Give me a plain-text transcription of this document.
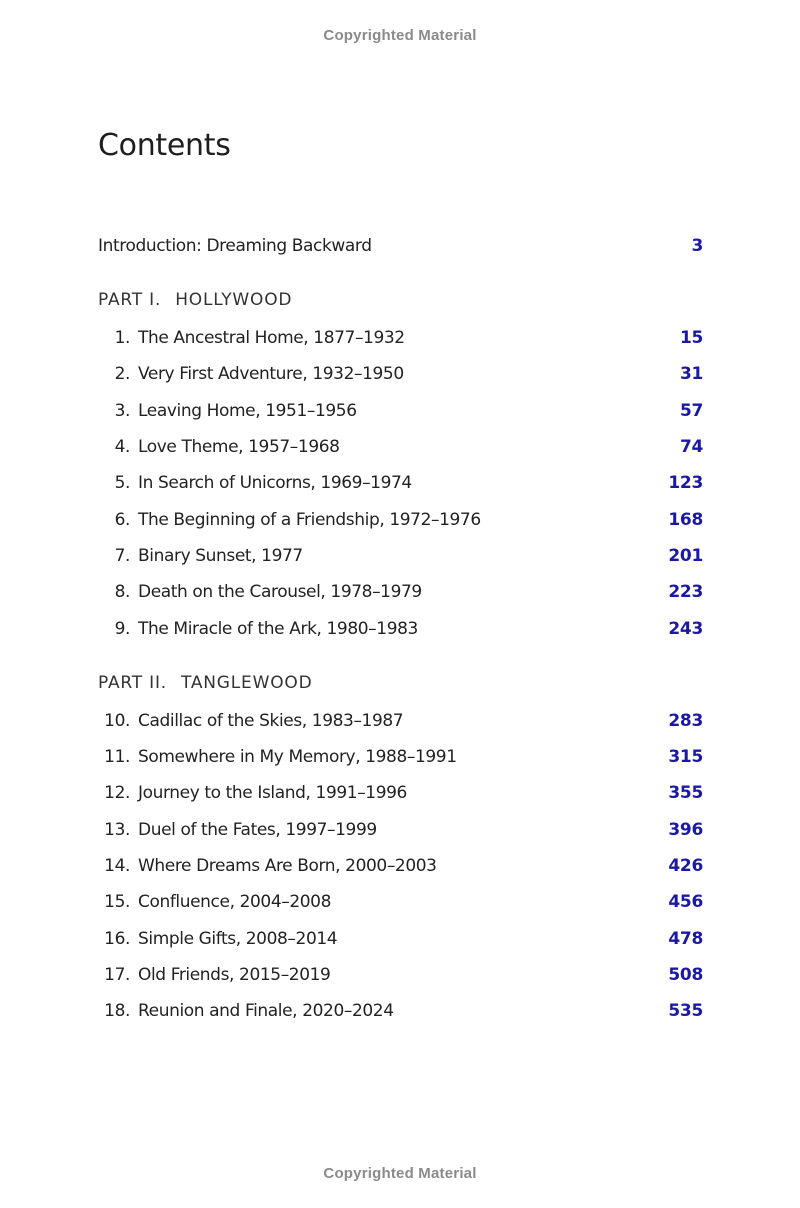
Copyrighted Material
Contents
Introduction: Dreaming Backward	3
PART I. HOLLYWOOD
1. The Ancestral Home, 1877–1932	15
2. Very First Adventure, 1932–1950	31
3. Leaving Home, 1951–1956	57
4. Love Theme, 1957–1968	74
5. In Search of Unicorns, 1969–1974	123
6. The Beginning of a Friendship, 1972–1976	168
7. Binary Sunset, 1977	201
8. Death on the Carousel, 1978–1979	223
9. The Miracle of the Ark, 1980–1983	243
PART II. TANGLEWOOD
10. Cadillac of the Skies, 1983–1987	283
11. Somewhere in My Memory, 1988–1991	315
12. Journey to the Island, 1991–1996	355
13. Duel of the Fates, 1997–1999	396
14. Where Dreams Are Born, 2000–2003	426
15. Confluence, 2004–2008	456
16. Simple Gifts, 2008–2014	478
17. Old Friends, 2015–2019	508
18. Reunion and Finale, 2020–2024	535
Copyrighted Material
